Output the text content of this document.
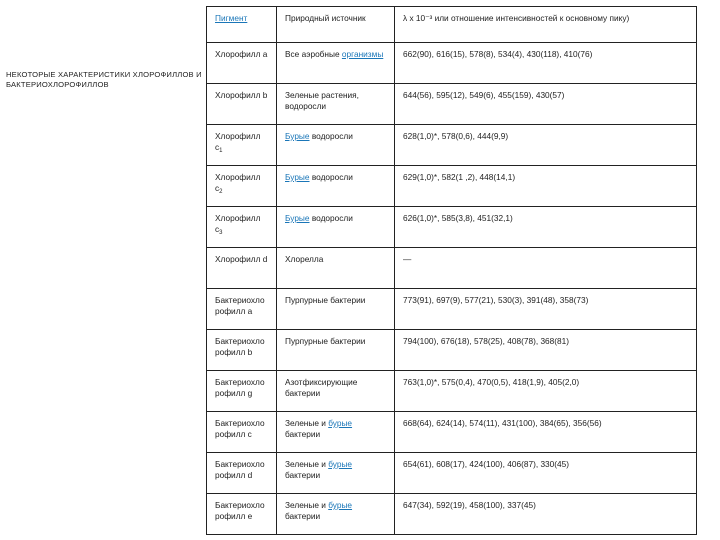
НЕКОТОРЫЕ ХАРАКТЕРИСТИКИ ХЛОРОФИЛЛОВ И БАКТЕРИОХЛОРОФИЛЛОВ
Пигмент	Природный источник	λ x 10⁻³ или отношение интенсивностей к основному пику)
Хлорофилл a	Все аэробные организмы	662(90), 616(15), 578(8), 534(4), 430(118), 410(76)
Хлорофилл b	Зеленые растения, водоросли	644(56), 595(12), 549(6), 455(159), 430(57)
Хлорофилл $c_1$	Бурые водоросли	628(1,0)*, 578(0,6), 444(9,9)
Хлорофилл $c_2$	Бурые водоросли	629(1,0)*, 582(1 ,2), 448(14,1)
Хлорофилл $c_3$	Бурые водоросли	626(1,0)*, 585(3,8), 451(32,1)
Хлорофилл d	Хлорелла	—
Бактериохло рофилл a	Пурпурные бактерии	773(91), 697(9), 577(21), 530(3), 391(48), 358(73)
Бактериохло рофилл b	Пурпурные бактерии	794(100), 676(18), 578(25), 408(78), 368(81)
Бактериохло рофилл g	Азотфиксирующие бактерии	763(1,0)*, 575(0,4), 470(0,5), 418(1,9), 405(2,0)
Бактериохло рофилл c	Зеленые и бурые бактерии	668(64), 624(14), 574(11), 431(100), 384(65), 356(56)
Бактериохло рофилл d	Зеленые и бурые бактерии	654(61), 608(17), 424(100), 406(87), 330(45)
Бактериохло рофилл e	Зеленые и бурые бактерии	647(34), 592(19), 458(100), 337(45)
